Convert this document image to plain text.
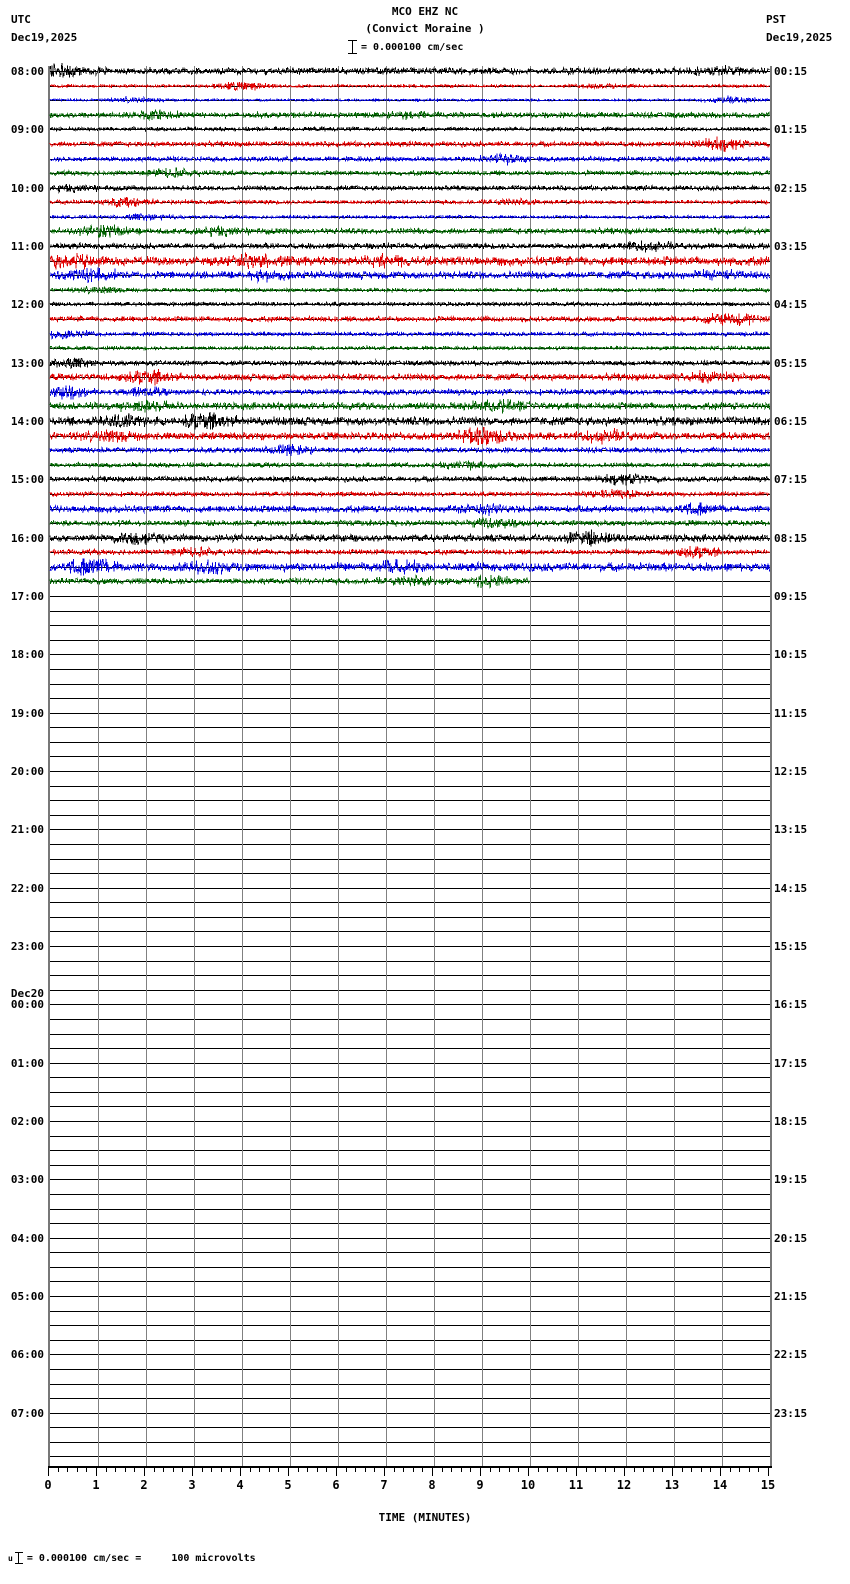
UTC
Dec19,2025
PST
Dec19,2025
MCO EHZ NC
(Convict Moraine )
= 0.000100 cm/sec
08:00
09:00
10:00
11:00
12:00
13:00
14:00
15:00
16:00
17:00
18:00
19:00
20:00
21:00
22:00
23:00
Dec20
00:00
01:00
02:00
03:00
04:00
05:00
06:00
07:00
00:15
01:15
02:15
03:15
04:15
05:15
06:15
07:15
08:15
09:15
10:15
11:15
12:15
13:15
14:15
15:15
16:15
17:15
18:15
19:15
20:15
21:15
22:15
23:15
0	1	2	3	4	5	6	7	8	9	10	11	12	13	14	15
TIME (MINUTES)
u = 0.000100 cm/sec =     100 microvolts
